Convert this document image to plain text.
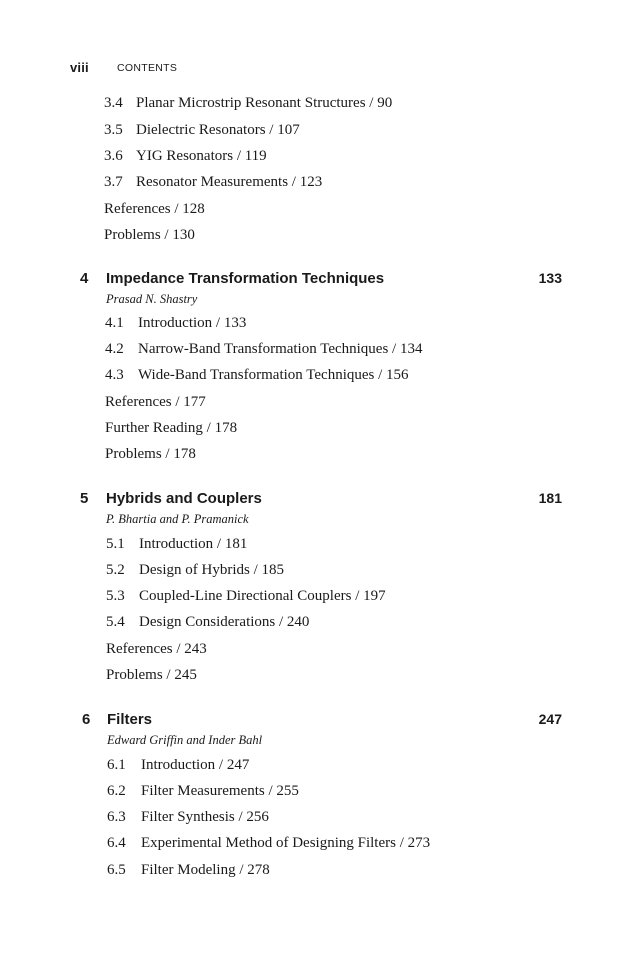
viii	CONTENTS
3.4 Planar Microstrip Resonant Structures / 90
3.5 Dielectric Resonators / 107
3.6 YIG Resonators / 119
3.7 Resonator Measurements / 123
References / 128
Problems / 130
4 Impedance Transformation Techniques	133
Prasad N. Shastry
4.1 Introduction / 133
4.2 Narrow-Band Transformation Techniques / 134
4.3 Wide-Band Transformation Techniques / 156
References / 177
Further Reading / 178
Problems / 178
5 Hybrids and Couplers	181
P. Bhartia and P. Pramanick
5.1 Introduction / 181
5.2 Design of Hybrids / 185
5.3 Coupled-Line Directional Couplers / 197
5.4 Design Considerations / 240
References / 243
Problems / 245
6 Filters	247
Edward Griffin and Inder Bahl
6.1 Introduction / 247
6.2 Filter Measurements / 255
6.3 Filter Synthesis / 256
6.4 Experimental Method of Designing Filters / 273
6.5 Filter Modeling / 278
